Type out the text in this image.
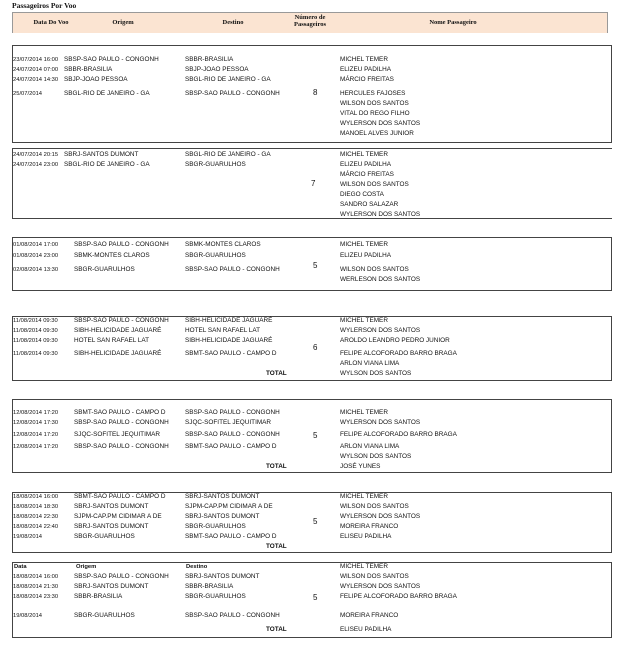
Passageiros Por Voo
Data Do Voo	Origem	Destino
Número de Passageiros	Nome Passageiro
23/07/2014 16:00 SBSP-SAO PAULO - CONGONH	SBBR-BRASILIA
24/07/2014 07:00 SBBR-BRASILIA	SBJP-JOAO PESSOA
24/07/2014 14:30 SBJP-JOAO PESSOA	SBGL-RIO DE JANEIRO - GA
25/07/2014	SBGL-RIO DE JANEIRO - GA	SBSP-SAO PAULO - CONGONH	8
MICHEL TEMER
ELIZEU PADILHA
MÁRCIO FREITAS
HERCULES FAJOSES
WILSON DOS SANTOS
VITAL DO REGO FILHO
WYLERSON DOS SANTOS
MANOEL ALVES JUNIOR
24/07/2014 20:15 SBRJ-SANTOS DUMONT	SBGL-RIO DE JANEIRO - GA
24/07/2014 23:00 SBGL-RIO DE JANEIRO - GA	SBGR-GUARULHOS
7
MICHEL TEMER
ELIZEU PADILHA
MÁRCIO FREITAS
WILSON DOS SANTOS
DIEGO COSTA
SANDRO SALAZAR
WYLERSON DOS SANTOS
01/08/2014 17:00 SBSP-SAO PAULO - CONGONH	SBMK-MONTES CLAROS
01/08/2014 23:00 SBMK-MONTES CLAROS	SBGR-GUARULHOS
02/08/2014 13:30 SBGR-GUARULHOS	SBSP-SAO PAULO - CONGONH	5
MICHEL TEMER
ELIZEU PADILHA
WILSON DOS SANTOS
WERLESON DOS SANTOS
11/08/2014 09:30	SBSP-SAO PAULO - CONGONH	SIBH-HELICIDADE JAGUARÉ
11/08/2014 09:30	SIBH-HELICIDADE JAGUARÉ	HOTEL SAN RAFAEL LAT
11/08/2014 09:30	HOTEL SAN RAFAEL LAT	SIBH-HELICIDADE JAGUARÉ
11/08/2014 09:30	SIBH-HELICIDADE JAGUARÉ	SBMT-SAO PAULO - CAMPO D
6
MICHEL TEMER
WYLERSON DOS SANTOS
AROLDO LEANDRO PEDRO JUNIOR
FELIPE ALCOFORADO BARRO BRAGA
ARLON VIANA LIMA
WYLSON DOS SANTOS
TOTAL
12/08/2014 17:20 SBMT-SAO PAULO - CAMPO D	SBSP-SAO PAULO - CONGONH
12/08/2014 17:30 SBSP-SAO PAULO - CONGONH	SJQC-SOFITEL JEQUITIMAR
12/08/2014 17:20 SJQC-SOFITEL JEQUITIMAR	SBSP-SAO PAULO - CONGONH
12/08/2014 17:20 SBSP-SAO PAULO - CONGONH	SBMT-SAO PAULO - CAMPO D
5
MICHEL TEMER
WYLERSON DOS SANTOS
FELIPE ALCOFORADO BARRO BRAGA
ARLON VIANA LIMA
WYLSON DOS SANTOS
JOSÉ YUNES
TOTAL
18/08/2014 16:00 SBMT-SAO PAULO - CAMPO D	SBRJ-SANTOS DUMONT
18/08/2014 18:30 SBRJ-SANTOS DUMONT	SJPM-CAP.PM CIDIMAR A DE
18/08/2014 22:30 SJPM-CAP.PM CIDIMAR A DE	SBRJ-SANTOS DUMONT
18/08/2014 22:40 SBRJ-SANTOS DUMONT	SBGR-GUARULHOS
19/08/2014	SBGR-GUARULHOS	SBMT-SAO PAULO - CAMPO D
5
MICHEL TEMER
WILSON DOS SANTOS
WYLERSON DOS SANTOS
MOREIRA FRANCO
ELISEU PADILHA
TOTAL
Data	Origem	Destino
18/08/2014 16:00 SBSP-SAO PAULO - CONGONH	SBRJ-SANTOS DUMONT
18/08/2014 21:30 SBRJ-SANTOS DUMONT	SBBR-BRASILIA
18/08/2014 23:30 SBBR-BRASILIA	SBGR-GUARULHOS
19/08/2014	SBGR-GUARULHOS	SBSP-SAO PAULO - CONGONH
5
MICHEL TEMER
WILSON DOS SANTOS
WYLERSON DOS SANTOS
FELIPE ALCOFORADO BARRO BRAGA
MOREIRA FRANCO
ELISEU PADILHA
TOTAL
